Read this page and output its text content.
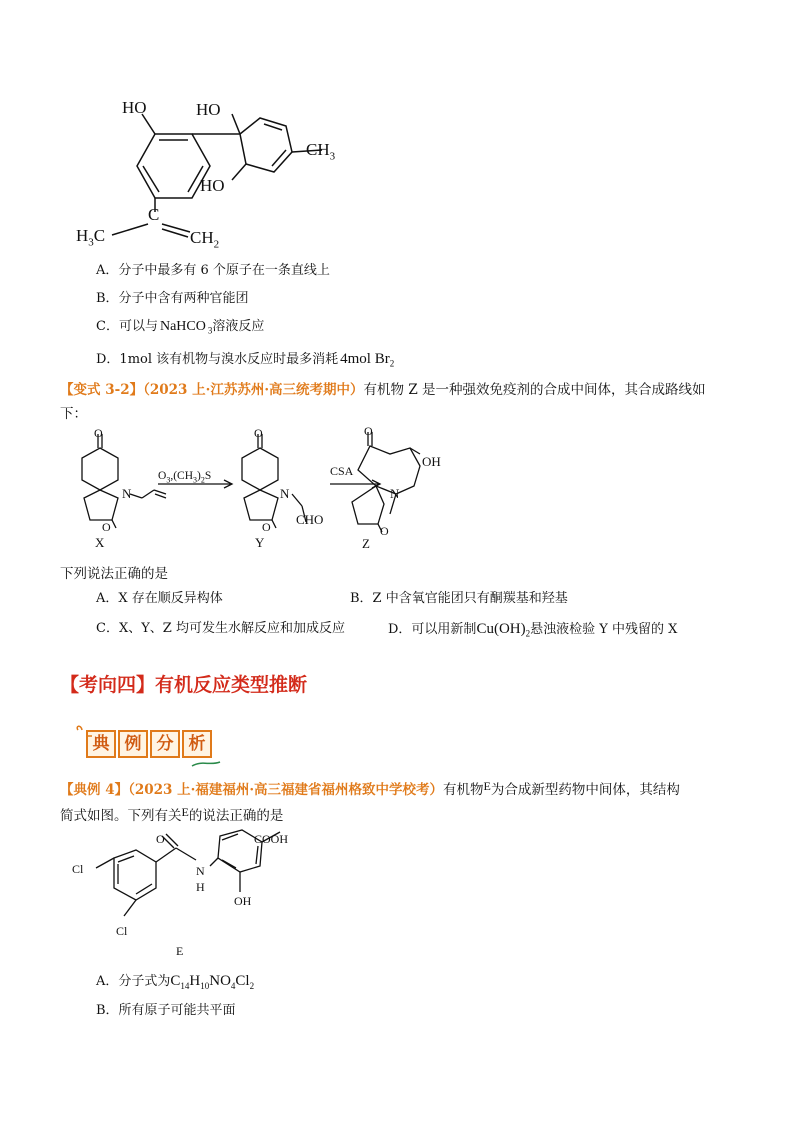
HO	HO
HO
$CH_3$
C
$H_3C$	$CH_2$
A．分子中最多有 6 个原子在一条直线上
B．分子中含有两种官能团
C．可以与 NaHCO $_3$溶液反应
D．1mol 该有机物与溴水反应时最多消耗 4mol $Br_2$
【变式 3-2】（2023 上·江苏苏州·高三统考期中）有机物 Z 是一种强效免疫剂的合成中间体，其合成路线如
下：
O
N
O
X
$O_3,(CH_3)_2S$
O
N
O CHO
Y
CSA
O
OH
N
O
Z
下列说法正确的是
A．X 存在顺反异构体	B．Z 中含氧官能团只有酮羰基和羟基
C．X、Y、Z 均可发生水解反应和加成反应	D．可以用新制$Cu(OH)_2$悬浊液检验 Y 中残留的 X
【考向四】有机反应类型推断
典 例 分 析
【典例 4】（2023 上·福建福州·高三福建省福州格致中学校考）有机物E为合成新型药物中间体，其结构
简式如图。下列有关E的说法正确的是
COOH
Cl
Cl
O
N
H
OH
E
A．分子式为$C_{14}H_{10}NO_4Cl_2$
B．所有原子可能共平面
